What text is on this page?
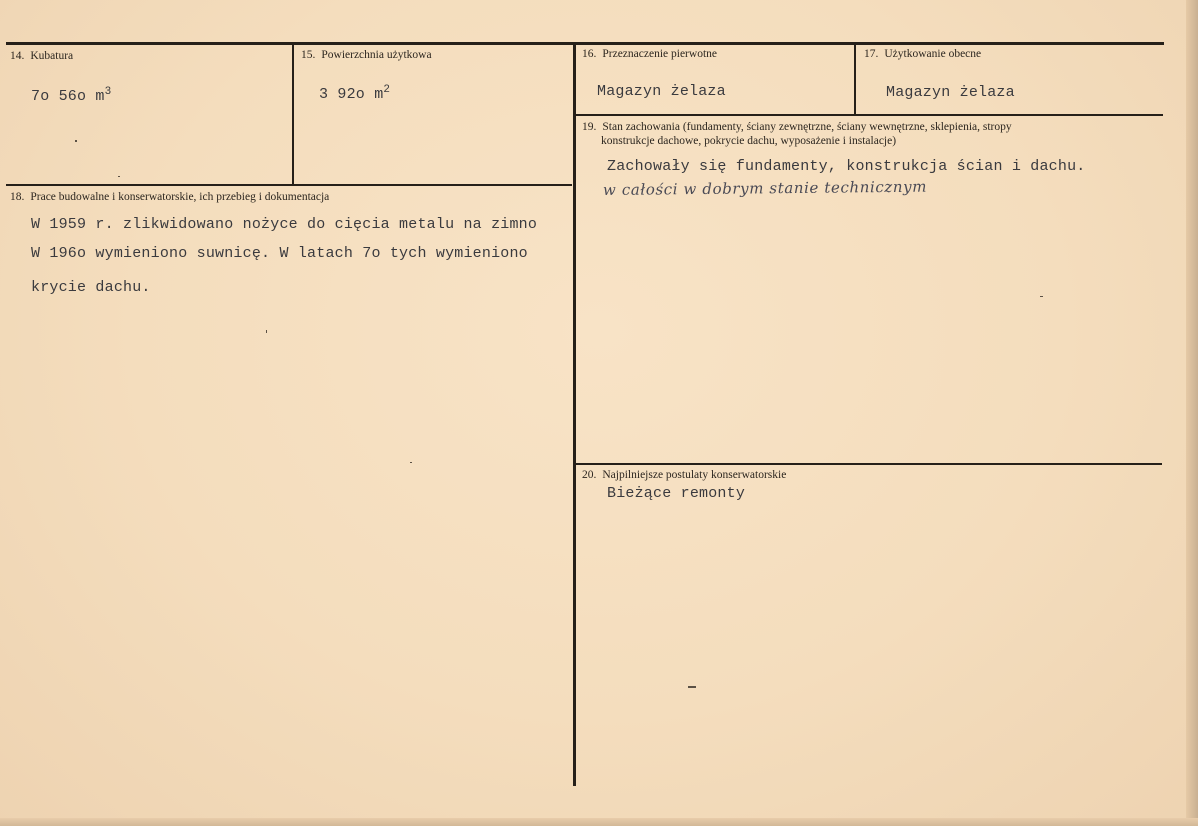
14. Kubatura
7o 56o $m^3$
15. Powierzchnia użytkowa
3 92o $m^2$
16. Przeznaczenie pierwotne
Magazyn żelaza
17. Użytkowanie obecne
Magazyn żelaza
18. Prace budowalne i konserwatorskie, ich przebieg i dokumentacja
W 1959 r. zlikwidowano nożyce do cięcia metalu na zimno
W 196o wymieniono suwnicę. W latach 7o tych wymieniono
krycie dachu.
19. Stan zachowania (fundamenty, ściany zewnętrzne, ściany wewnętrzne, sklepienia, stropy
konstrukcje dachowe, pokrycie dachu, wyposażenie i instalacje)
Zachowały się fundamenty, konstrukcja ścian i dachu.
w całości w dobrym stanie technicznym
20. Najpilniejsze postulaty konserwatorskie
Bieżące remonty
